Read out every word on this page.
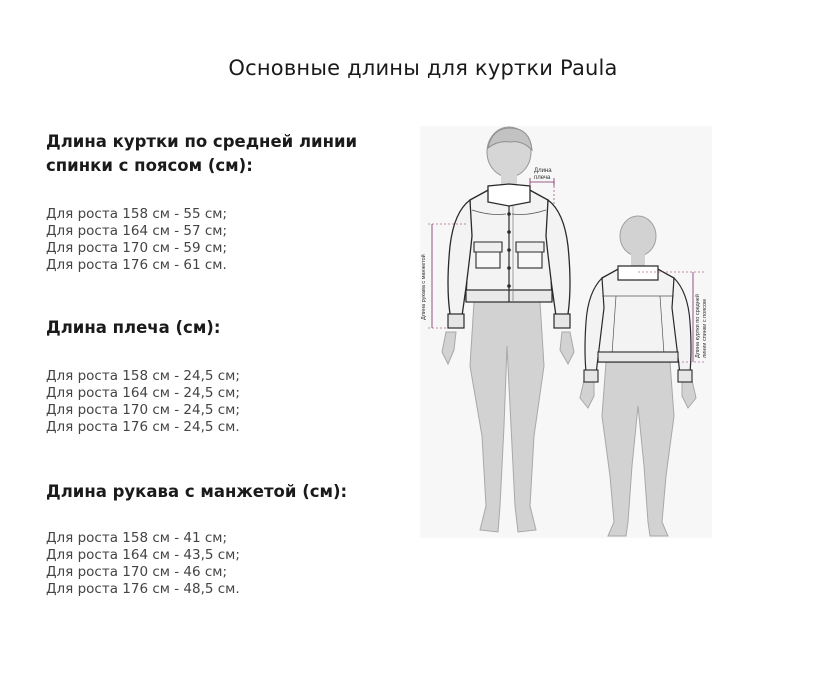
Основные длины для куртки Paula
Длина куртки по средней линии спинки с поясом (см):
Для роста 158 см - 55 см;
Для роста 164 см - 57 см;
Для роста 170 см - 59 см;
Для роста 176 см - 61 см.
Длина плеча (см):
Для роста 158 см - 24,5 см;
Для роста 164 см - 24,5 см;
Для роста 170 см - 24,5 см;
Для роста 176 см - 24,5 см.
Длина рукава с манжетой (см):
Для роста 158 см - 41 см;
Для роста 164 см - 43,5 см;
Для роста 170 см - 46 см;
Для роста 176 см - 48,5 см.
Длина
плеча
Длина рукава с манжетой
Длина куртки по средней линии спинки с поясом
